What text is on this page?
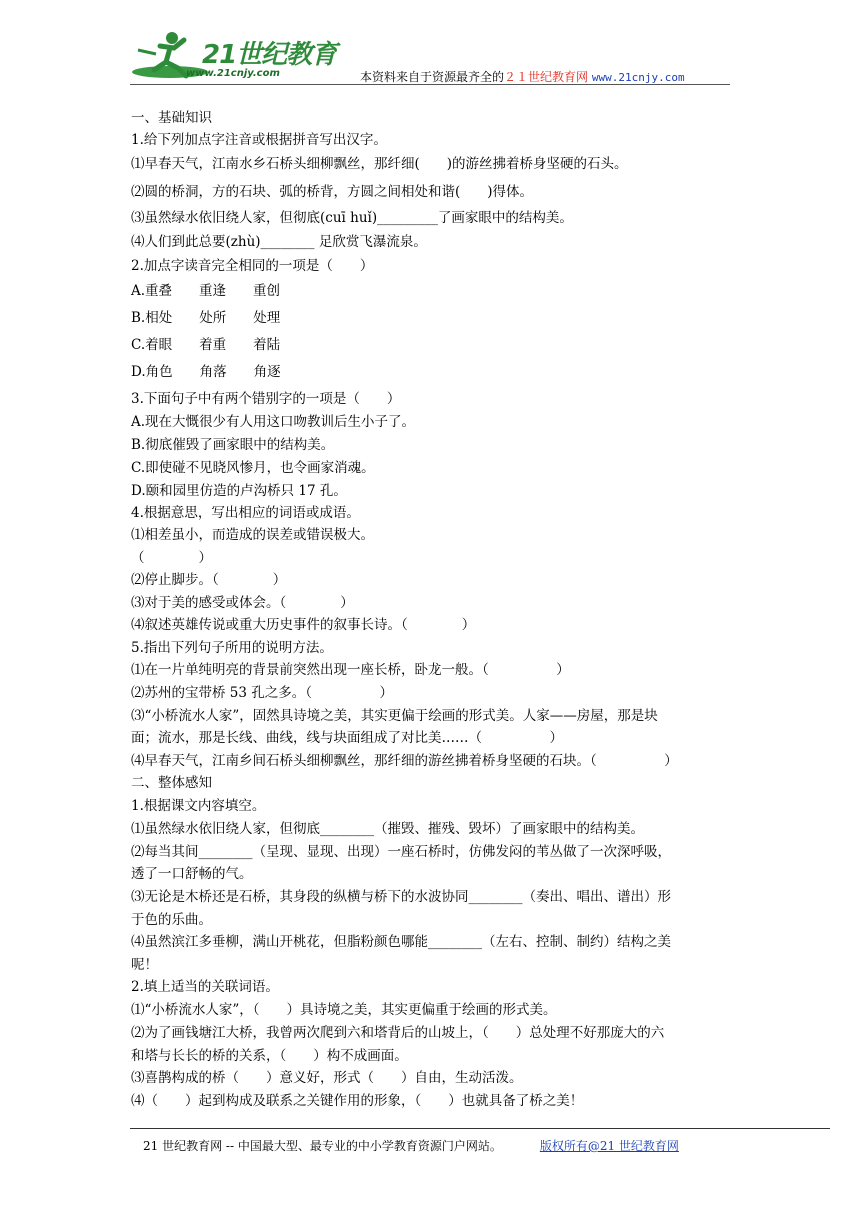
21世纪教育
www.21cnjy.com	本资料来自于资源最齐全的２１世纪教育网 www.21cnjy.com
一、基础知识
1.给下列加点字注音或根据拼音写出汉字。
⑴早春天气，江南水乡石桥头细柳飘丝，那纤细(　　)的游丝拂着桥身坚硬的石头。
⑵圆的桥洞，方的石块、弧的桥背，方圆之间相处和谐(　　)得体。
⑶虽然绿水依旧绕人家，但彻底(cuī huǐ)_________了画家眼中的结构美。
⑷人们到此总要(zhù)________ 足欣赏飞瀑流泉。
2.加点字读音完全相同的一项是（　　）
A.重叠　　重逢　　重创
B.相处　　处所　　处理
C.着眼　　着重　　着陆
D.角色　　角落　　角逐
3.下面句子中有两个错别字的一项是（　　）
A.现在大慨很少有人用这口吻教训后生小子了。
B.彻底催毁了画家眼中的结构美。
C.即使碰不见晓风惨月，也令画家消魂。
D.颐和园里仿造的卢沟桥只 17 孔。
4.根据意思，写出相应的词语或成语。
⑴相差虽小，而造成的误差或错误极大。
（　　　　）
⑵停止脚步。（　　　　）
⑶对于美的感受或体会。（　　　　）
⑷叙述英雄传说或重大历史事件的叙事长诗。（　　　　）
5.指出下列句子所用的说明方法。
⑴在一片单纯明亮的背景前突然出现一座长桥，卧龙一般。（　　　　　）
⑵苏州的宝带桥 53 孔之多。（　　　　　）
⑶“小桥流水人家”，固然具诗境之美，其实更偏于绘画的形式美。人家——房屋，那是块
面；流水，那是长线、曲线，线与块面组成了对比美……（　　　　　）
⑷早春天气，江南乡间石桥头细柳飘丝，那纤细的游丝拂着桥身坚硬的石块。（　　　　　）
二、整体感知
1.根据课文内容填空。
⑴虽然绿水依旧绕人家，但彻底________（摧毁、摧残、毁坏）了画家眼中的结构美。
⑵每当其间________（呈现、显现、出现）一座石桥时，仿佛发闷的苇丛做了一次深呼吸，
透了一口舒畅的气。
⑶无论是木桥还是石桥，其身段的纵横与桥下的水波协同________（奏出、唱出、谱出）形
于色的乐曲。
⑷虽然滨江多垂柳，满山开桃花，但脂粉颜色哪能________（左右、控制、制约）结构之美
呢！
2.填上适当的关联词语。
⑴“小桥流水人家”，（　　）具诗境之美，其实更偏重于绘画的形式美。
⑵为了画钱塘江大桥，我曾两次爬到六和塔背后的山坡上，（　　）总处理不好那庞大的六
和塔与长长的桥的关系，（　　）构不成画面。
⑶喜鹊构成的桥（　　）意义好，形式（　　）自由，生动活泼。
⑷（　　）起到构成及联系之关键作用的形象，（　　）也就具备了桥之美！
21 世纪教育网 -- 中国最大型、最专业的中小学教育资源门户网站。	版权所有@21 世纪教育网
